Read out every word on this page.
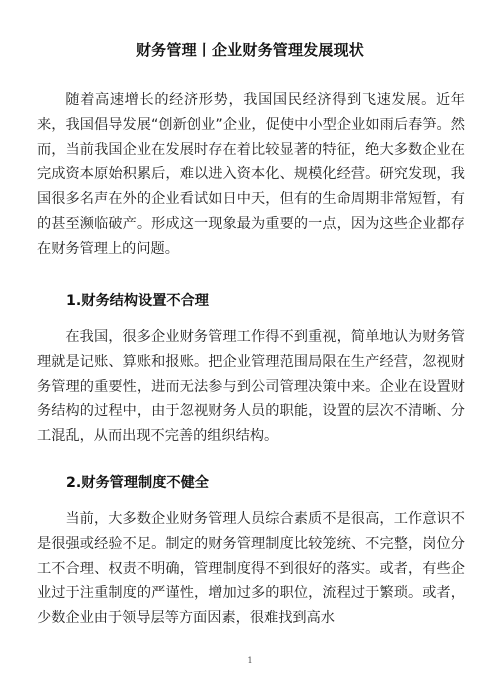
财务管理丨企业财务管理发展现状

随着高速增长的经济形势，我国国民经济得到飞速发展。近年来，我国倡导发展“创新创业”企业，促使中小型企业如雨后春笋。然而，当前我国企业在发展时存在着比较显著的特征，绝大多数企业在完成资本原始积累后，难以进入资本化、规模化经营。研究发现，我国很多名声在外的企业看试如日中天，但有的生命周期非常短暂，有的甚至濒临破产。形成这一现象最为重要的一点，因为这些企业都存在财务管理上的问题。

1.财务结构设置不合理

在我国，很多企业财务管理工作得不到重视，简单地认为财务管理就是记账、算账和报账。把企业管理范围局限在生产经营，忽视财务管理的重要性，进而无法参与到公司管理决策中来。企业在设置财务结构的过程中，由于忽视财务人员的职能，设置的层次不清晰、分工混乱，从而出现不完善的组织结构。

2.财务管理制度不健全

当前，大多数企业财务管理人员综合素质不是很高，工作意识不是很强或经验不足。制定的财务管理制度比较笼统、不完整，岗位分工不合理、权责不明确，管理制度得不到很好的落实。或者，有些企业过于注重制度的严谨性，增加过多的职位，流程过于繁琐。或者，少数企业由于领导层等方面因素，很难找到高水

1
